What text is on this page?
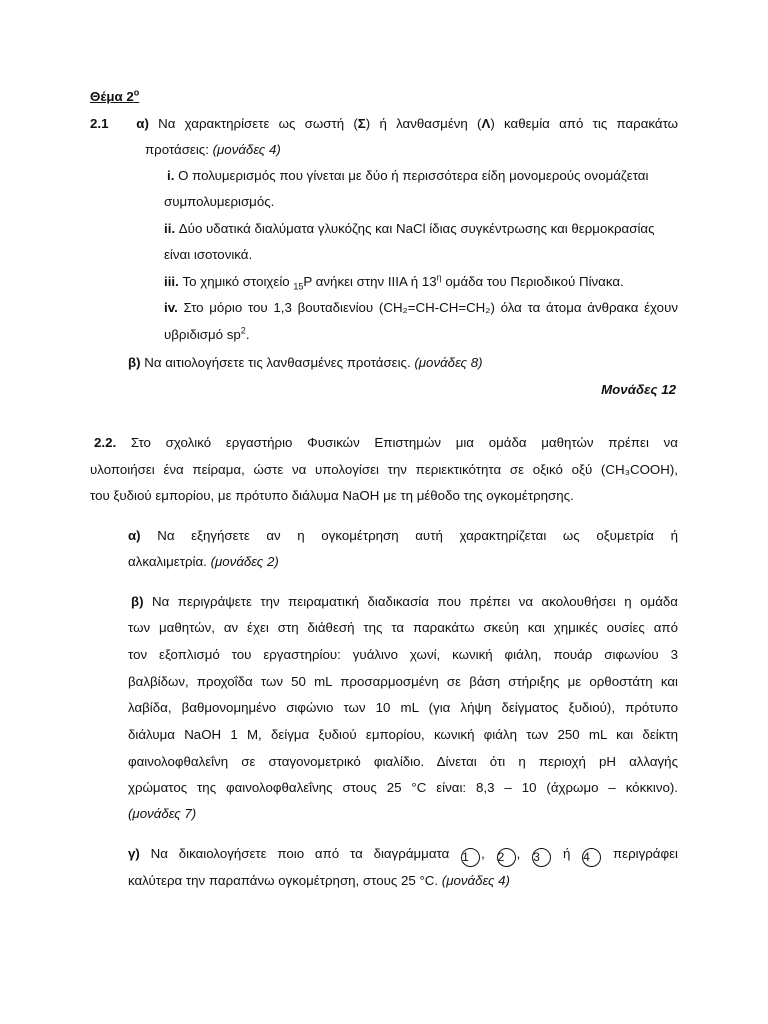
Θέμα $2^o$
2.1 α) Να χαρακτηρίσετε ως σωστή (Σ) ή λανθασμένη (Λ) καθεμία από τις παρακάτω
προτάσεις: (μονάδες 4)
i. Ο πολυμερισμός που γίνεται με δύο ή περισσότερα είδη μονομερούς ονομάζεται
συμπολυμερισμός.
ii. Δύο υδατικά διαλύματα γλυκόζης και NaCl ίδιας συγκέντρωσης και θερμοκρασίας
είναι ισοτονικά.
iii. Το χημικό στοιχείο $_{15}$P ανήκει στην IIIA ή $13^\eta$ ομάδα του Περιοδικού Πίνακα.
iv. Στο μόριο του 1,3 βουταδιενίου (CH₂=CH-CH=CH₂) όλα τα άτομα άνθρακα έχουν
υβριδισμό $sp^2$.
β) Να αιτιολογήσετε τις λανθασμένες προτάσεις. (μονάδες 8)
Μονάδες 12
2.2. Στο σχολικό εργαστήριο Φυσικών Επιστημών μια ομάδα μαθητών πρέπει να
υλοποιήσει ένα πείραμα, ώστε να υπολογίσει την περιεκτικότητα σε οξικό οξύ (CH₃COOH),
του ξυδιού εμπορίου, με πρότυπο διάλυμα NaOH με τη μέθοδο της ογκομέτρησης.
α) Να εξηγήσετε αν η ογκομέτρηση αυτή χαρακτηρίζεται ως οξυμετρία ή
αλκαλιμετρία. (μονάδες 2)
β) Να περιγράψετε την πειραματική διαδικασία που πρέπει να ακολουθήσει η ομάδα
των μαθητών, αν έχει στη διάθεσή της τα παρακάτω σκεύη και χημικές ουσίες από
τον εξοπλισμό του εργαστηρίου: γυάλινο χωνί, κωνική φιάλη, πουάρ σιφωνίου 3
βαλβίδων, προχοΐδα των 50 mL προσαρμοσμένη σε βάση στήριξης με ορθοστάτη και
λαβίδα, βαθμονομημένο σιφώνιο των 10 mL (για λήψη δείγματος ξυδιού), πρότυπο
διάλυμα NaOH 1 M, δείγμα ξυδιού εμπορίου, κωνική φιάλη των 250 mL και δείκτη
φαινολοφθαλεΐνη σε σταγονομετρικό φιαλίδιο. Δίνεται ότι η περιοχή pH αλλαγής
χρώματος της φαινολοφθαλεΐνης στους 25 °C είναι: 8,3 – 10 (άχρωμο – κόκκινο).
(μονάδες 7)
γ) Να δικαιολογήσετε ποιο από τα διαγράμματα 1 , 2 , 3 ή 4 περιγράφει
καλύτερα την παραπάνω ογκομέτρηση, στους 25 °C. (μονάδες 4)
